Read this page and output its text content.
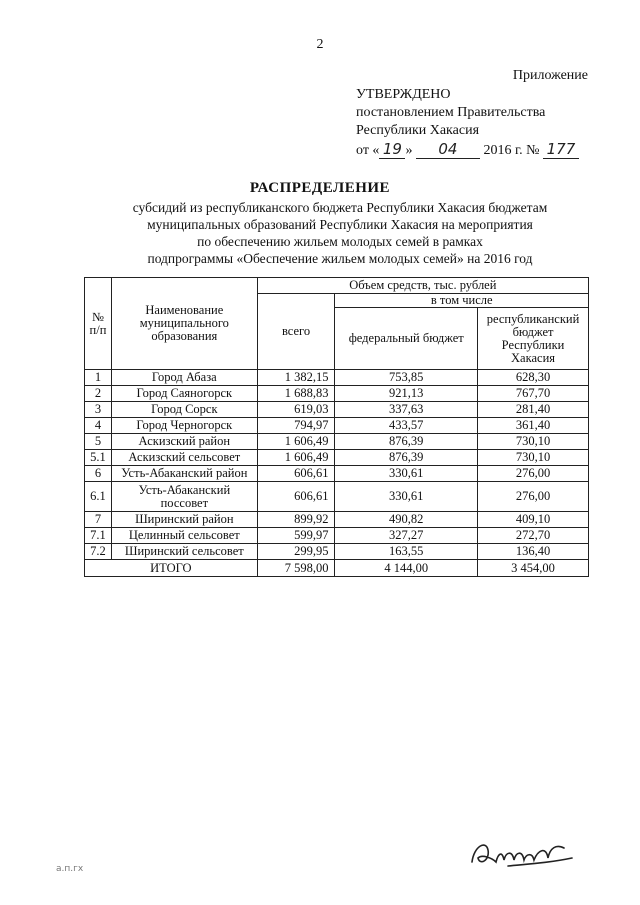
2
Приложение
УТВЕРЖДЕНО
постановлением Правительства
Республики Хакасия
от « 19 » 04 2016 г. № 177
РАСПРЕДЕЛЕНИЕ
субсидий из республиканского бюджета Республики Хакасия бюджетам
муниципальных образований Республики Хакасия на мероприятия
по обеспечению жильем молодых семей в рамках
подпрограммы «Обеспечение жильем молодых семей» на 2016 год
№ п/п	Наименование муниципального образования	Объем средств, тыс. рублей		
		всего	в том числе	
			федеральный бюджет	республиканский бюджет Республики Хакасия
1	Город Абаза	1 382,15	753,85	628,30
2	Город Саяногорск	1 688,83	921,13	767,70
3	Город Сорск	619,03	337,63	281,40
4	Город Черногорск	794,97	433,57	361,40
5	Аскизский район	1 606,49	876,39	730,10
5.1	Аскизский сельсовет	1 606,49	876,39	730,10
6	Усть-Абаканский район	606,61	330,61	276,00
6.1	Усть-Абаканский поссовет	606,61	330,61	276,00
7	Ширинский район	899,92	490,82	409,10
7.1	Целинный сельсовет	599,97	327,27	272,70
7.2	Ширинский сельсовет	299,95	163,55	136,40
ИТОГО		7 598,00	4 144,00	3 454,00
а.п.гх
